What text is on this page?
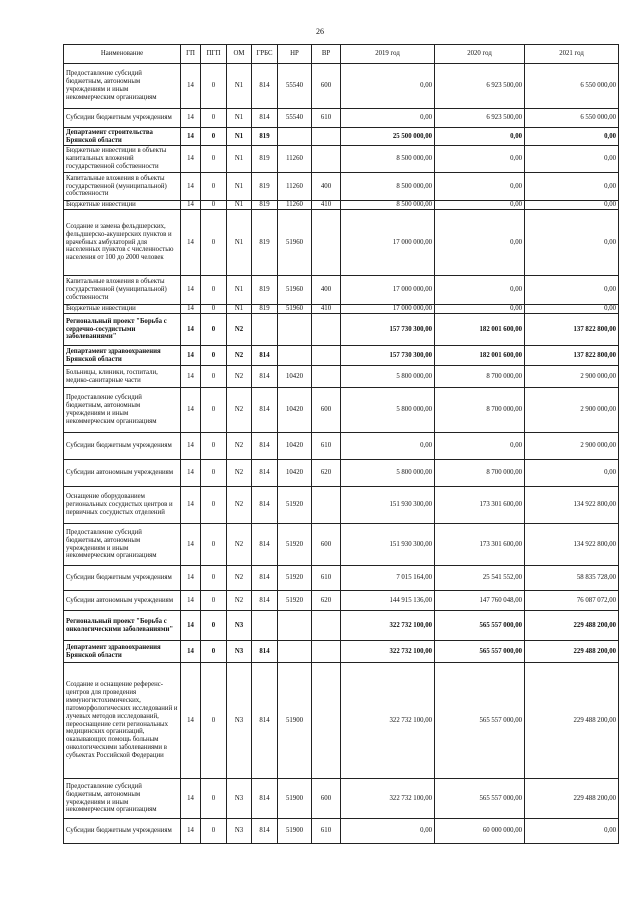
26
Наименование	ГП	ПГП	ОМ	ГРБС	НР	ВР	2019 год	2020 год	2021 год
Предоставление субсидий бюджетным, автономным учреждениям и иным некоммерческим организациям	14	0	N1	814	55540	600	0,00	6 923 500,00	6 550 000,00
Субсидии бюджетным учреждениям	14	0	N1	814	55540	610	0,00	6 923 500,00	6 550 000,00
Департамент строительства Брянской области	14	0	N1	819			25 500 000,00	0,00	0,00
Бюджетные инвестиции в объекты капитальных вложений государственной собственности	14	0	N1	819	11260		8 500 000,00	0,00	0,00
Капитальные вложения в объекты государственной (муниципальной) собственности	14	0	N1	819	11260	400	8 500 000,00	0,00	0,00
Бюджетные инвестиции	14	0	N1	819	11260	410	8 500 000,00	0,00	0,00
Создание и замена фельдшерских, фельдшерско-акушерских пунктов и врачебных амбулаторий для населенных пунктов с численностью населения от 100 до 2000 человек	14	0	N1	819	51960		17 000 000,00	0,00	0,00
Капитальные вложения в объекты государственной (муниципальной) собственности	14	0	N1	819	51960	400	17 000 000,00	0,00	0,00
Бюджетные инвестиции	14	0	N1	819	51960	410	17 000 000,00	0,00	0,00
Региональный проект "Борьба с сердечно-сосудистыми заболеваниями"	14	0	N2				157 730 300,00	182 001 600,00	137 822 800,00
Департамент здравоохранения Брянской области	14	0	N2	814			157 730 300,00	182 001 600,00	137 822 800,00
Больницы, клиники, госпитали, медико-санитарные части	14	0	N2	814	10420		5 800 000,00	8 700 000,00	2 900 000,00
Предоставление субсидий бюджетным, автономным учреждениям и иным некоммерческим организациям	14	0	N2	814	10420	600	5 800 000,00	8 700 000,00	2 900 000,00
Субсидии бюджетным учреждениям	14	0	N2	814	10420	610	0,00	0,00	2 900 000,00
Субсидии автономным учреждениям	14	0	N2	814	10420	620	5 800 000,00	8 700 000,00	0,00
Оснащение оборудованием региональных сосудистых центров и первичных сосудистых отделений	14	0	N2	814	51920		151 930 300,00	173 301 600,00	134 922 800,00
Предоставление субсидий бюджетным, автономным учреждениям и иным некоммерческим организациям	14	0	N2	814	51920	600	151 930 300,00	173 301 600,00	134 922 800,00
Субсидии бюджетным учреждениям	14	0	N2	814	51920	610	7 015 164,00	25 541 552,00	58 835 728,00
Субсидии автономным учреждениям	14	0	N2	814	51920	620	144 915 136,00	147 760 048,00	76 087 072,00
Региональный проект "Борьба с онкологическими заболеваниями"	14	0	N3				322 732 100,00	565 557 000,00	229 488 200,00
Департамент здравоохранения Брянской области	14	0	N3	814			322 732 100,00	565 557 000,00	229 488 200,00
Создание и оснащение референс-центров для проведения иммуногистохимических, патоморфологических исследований и лучевых методов исследований, переоснащение сети региональных медицинских организаций, оказывающих помощь больным онкологическими заболеваниями в субъектах Российской Федерации	14	0	N3	814	51900		322 732 100,00	565 557 000,00	229 488 200,00
Предоставление субсидий бюджетным, автономным учреждениям и иным некоммерческим организациям	14	0	N3	814	51900	600	322 732 100,00	565 557 000,00	229 488 200,00
Субсидии бюджетным учреждениям	14	0	N3	814	51900	610	0,00	60 000 000,00	0,00
